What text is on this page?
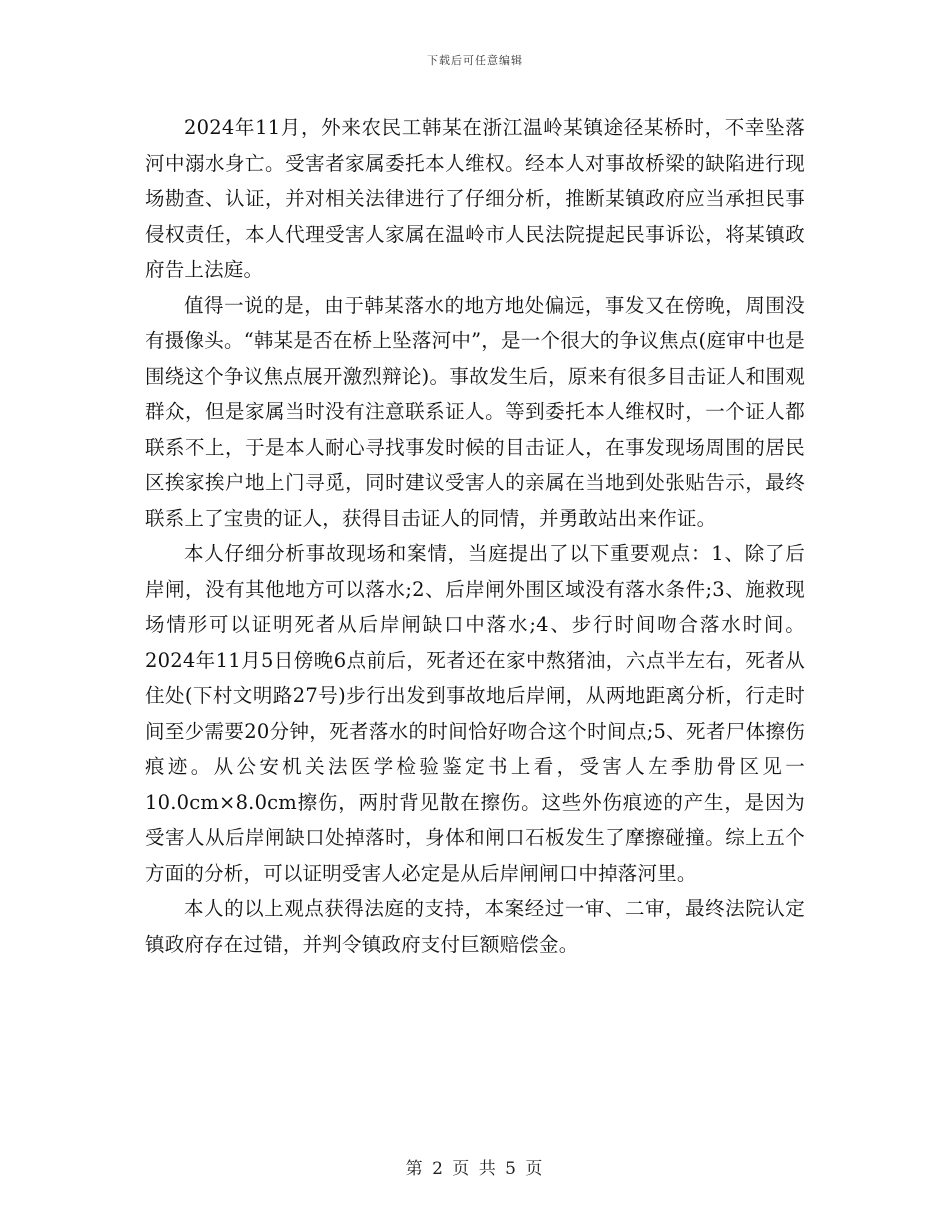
下载后可任意编辑

2024年11月，外来农民工韩某在浙江温岭某镇途径某桥时，不幸坠落河中溺水身亡。受害者家属委托本人维权。经本人对事故桥梁的缺陷进行现场勘查、认证，并对相关法律进行了仔细分析，推断某镇政府应当承担民事侵权责任，本人代理受害人家属在温岭市人民法院提起民事诉讼，将某镇政府告上法庭。

值得一说的是，由于韩某落水的地方地处偏远，事发又在傍晚，周围没有摄像头。“韩某是否在桥上坠落河中”，是一个很大的争议焦点(庭审中也是围绕这个争议焦点展开激烈辩论)。事故发生后，原来有很多目击证人和围观群众，但是家属当时没有注意联系证人。等到委托本人维权时，一个证人都联系不上，于是本人耐心寻找事发时候的目击证人，在事发现场周围的居民区挨家挨户地上门寻觅，同时建议受害人的亲属在当地到处张贴告示，最终联系上了宝贵的证人，获得目击证人的同情，并勇敢站出来作证。

本人仔细分析事故现场和案情，当庭提出了以下重要观点：1、除了后岸闸，没有其他地方可以落水;2、后岸闸外围区域没有落水条件;3、施救现场情形可以证明死者从后岸闸缺口中落水;4、步行时间吻合落水时间。2024年11月5日傍晚6点前后，死者还在家中熬猪油，六点半左右，死者从住处(下村文明路27号)步行出发到事故地后岸闸，从两地距离分析，行走时间至少需要20分钟，死者落水的时间恰好吻合这个时间点;5、死者尸体擦伤痕迹。从公安机关法医学检验鉴定书上看，受害人左季肋骨区见一10.0cm×8.0cm擦伤，两肘背见散在擦伤。这些外伤痕迹的产生，是因为受害人从后岸闸缺口处掉落时，身体和闸口石板发生了摩擦碰撞。综上五个方面的分析，可以证明受害人必定是从后岸闸闸口中掉落河里。

本人的以上观点获得法庭的支持，本案经过一审、二审，最终法院认定镇政府存在过错，并判令镇政府支付巨额赔偿金。

第 2 页 共 5 页
